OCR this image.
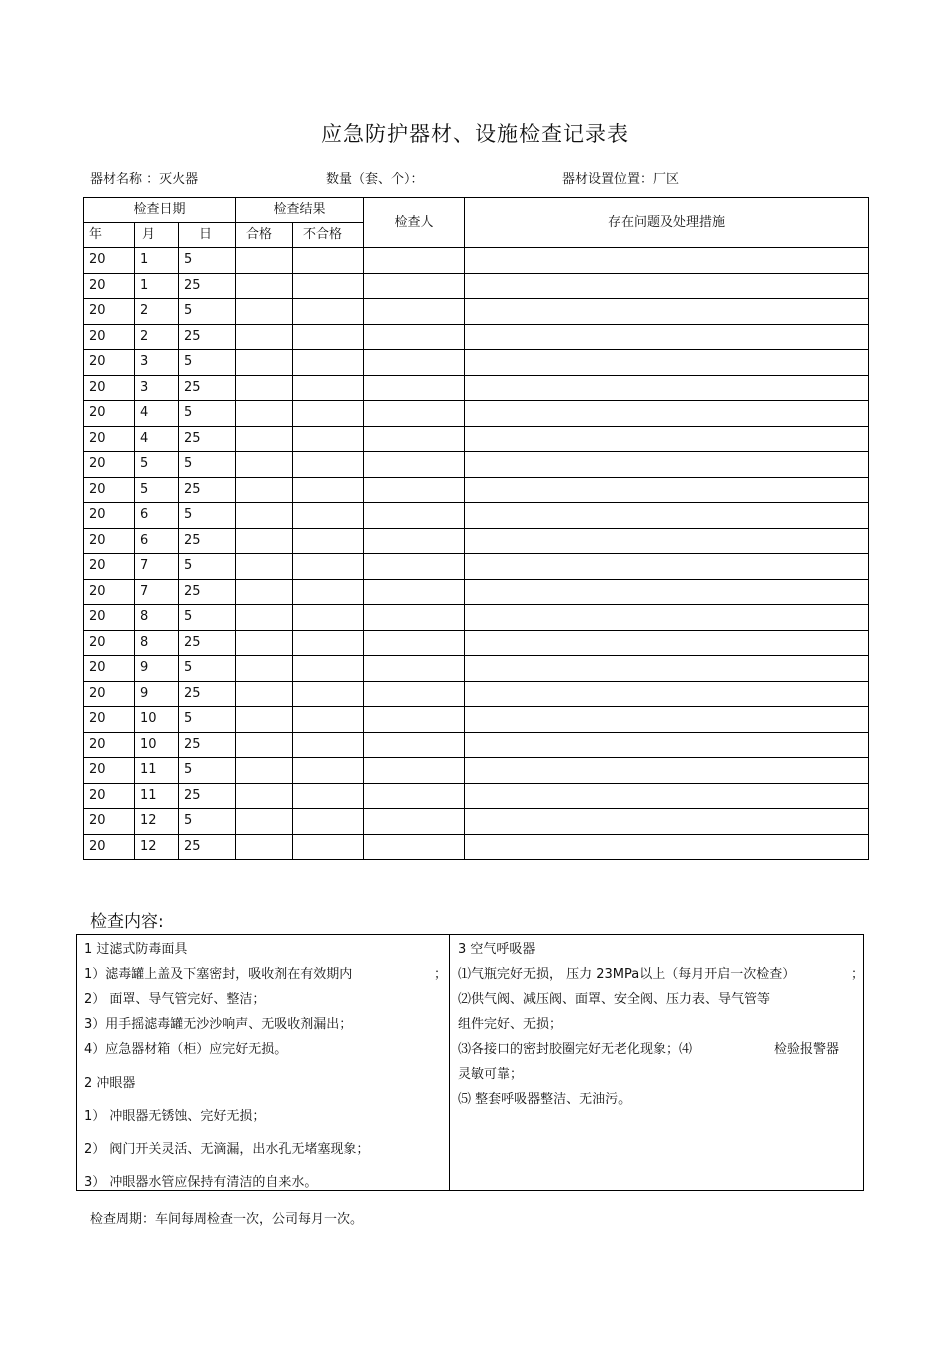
应急防护器材、设施检查记录表
器材名称 ：灭火器	数量（套、个）：	器材设置位置：厂区
检查日期			检查结果		检查人	存在问题及处理措施
年	月	日	合格	不合格		
20	1	5				
20	1	25				
20	2	5				
20	2	25				
20	3	5				
20	3	25				
20	4	5				
20	4	25				
20	5	5				
20	5	25				
20	6	5				
20	6	25				
20	7	5				
20	7	25				
20	8	5				
20	8	25				
20	9	5				
20	9	25				
20	10	5				
20	10	25				
20	11	5				
20	11	25				
20	12	5				
20	12	25				
检查内容:
1 过滤式防毒面具
1）滤毒罐上盖及下塞密封，吸收剂在有效期内	；
2） 面罩、导气管完好、整洁；
3）用手摇滤毒罐无沙沙响声、无吸收剂漏出；
4）应急器材箱（柜）应完好无损。
2 冲眼器
1） 冲眼器无锈蚀、完好无损；
2） 阀门开关灵活、无滴漏，出水孔无堵塞现象；
3） 冲眼器水管应保持有清洁的自来水。
3 空气呼吸器
⑴气瓶完好无损， 压力 23MPa以上（每月开启一次检查）	；
⑵供气阀、减压阀、面罩、安全阀、压力表、导气管等
组件完好、无损；
⑶各接口的密封胶圈完好无老化现象；⑷	检验报警器
灵敏可靠；
⑸ 整套呼吸器整洁、无油污。
检查周期：车间每周检查一次，公司每月一次。
